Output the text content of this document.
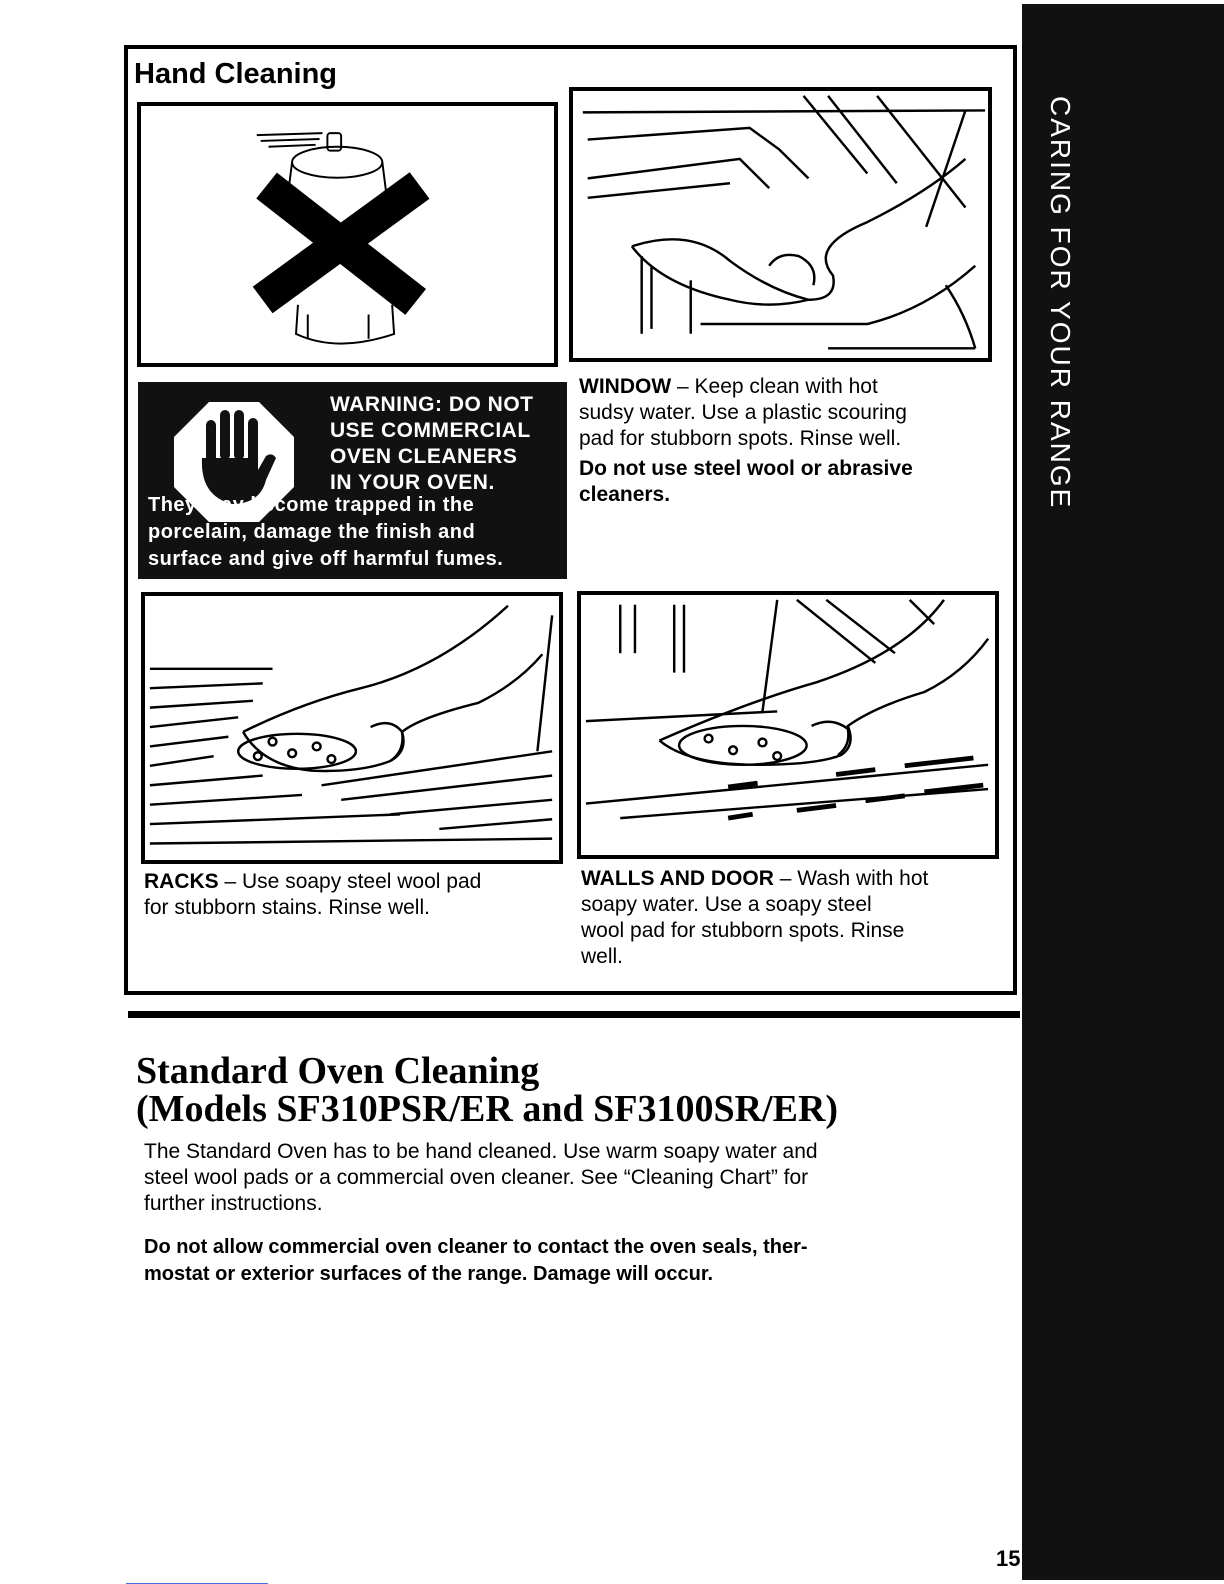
CARING FOR YOUR RANGE
Hand Cleaning
WARNING: DO NOT
USE COMMERCIAL
OVEN CLEANERS
IN YOUR OVEN.
They may become trapped in the
porcelain, damage the finish and
surface and give off harmful fumes.
WINDOW – Keep clean with hot
sudsy water. Use a plastic scouring
pad for stubborn spots. Rinse well.
Do not use steel wool or abrasive
cleaners.
RACKS – Use soapy steel wool pad
for stubborn stains. Rinse well.
WALLS AND DOOR – Wash with hot
soapy water. Use a soapy steel
wool pad for stubborn spots. Rinse
well.
Standard Oven Cleaning
(Models SF310PSR/ER and SF3100SR/ER)
The Standard Oven has to be hand cleaned. Use warm soapy water and
steel wool pads or a commercial oven cleaner. See “Cleaning Chart” for
further instructions.
Do not allow commercial oven cleaner to contact the oven seals, ther-
mostat or exterior surfaces of the range. Damage will occur.
15
